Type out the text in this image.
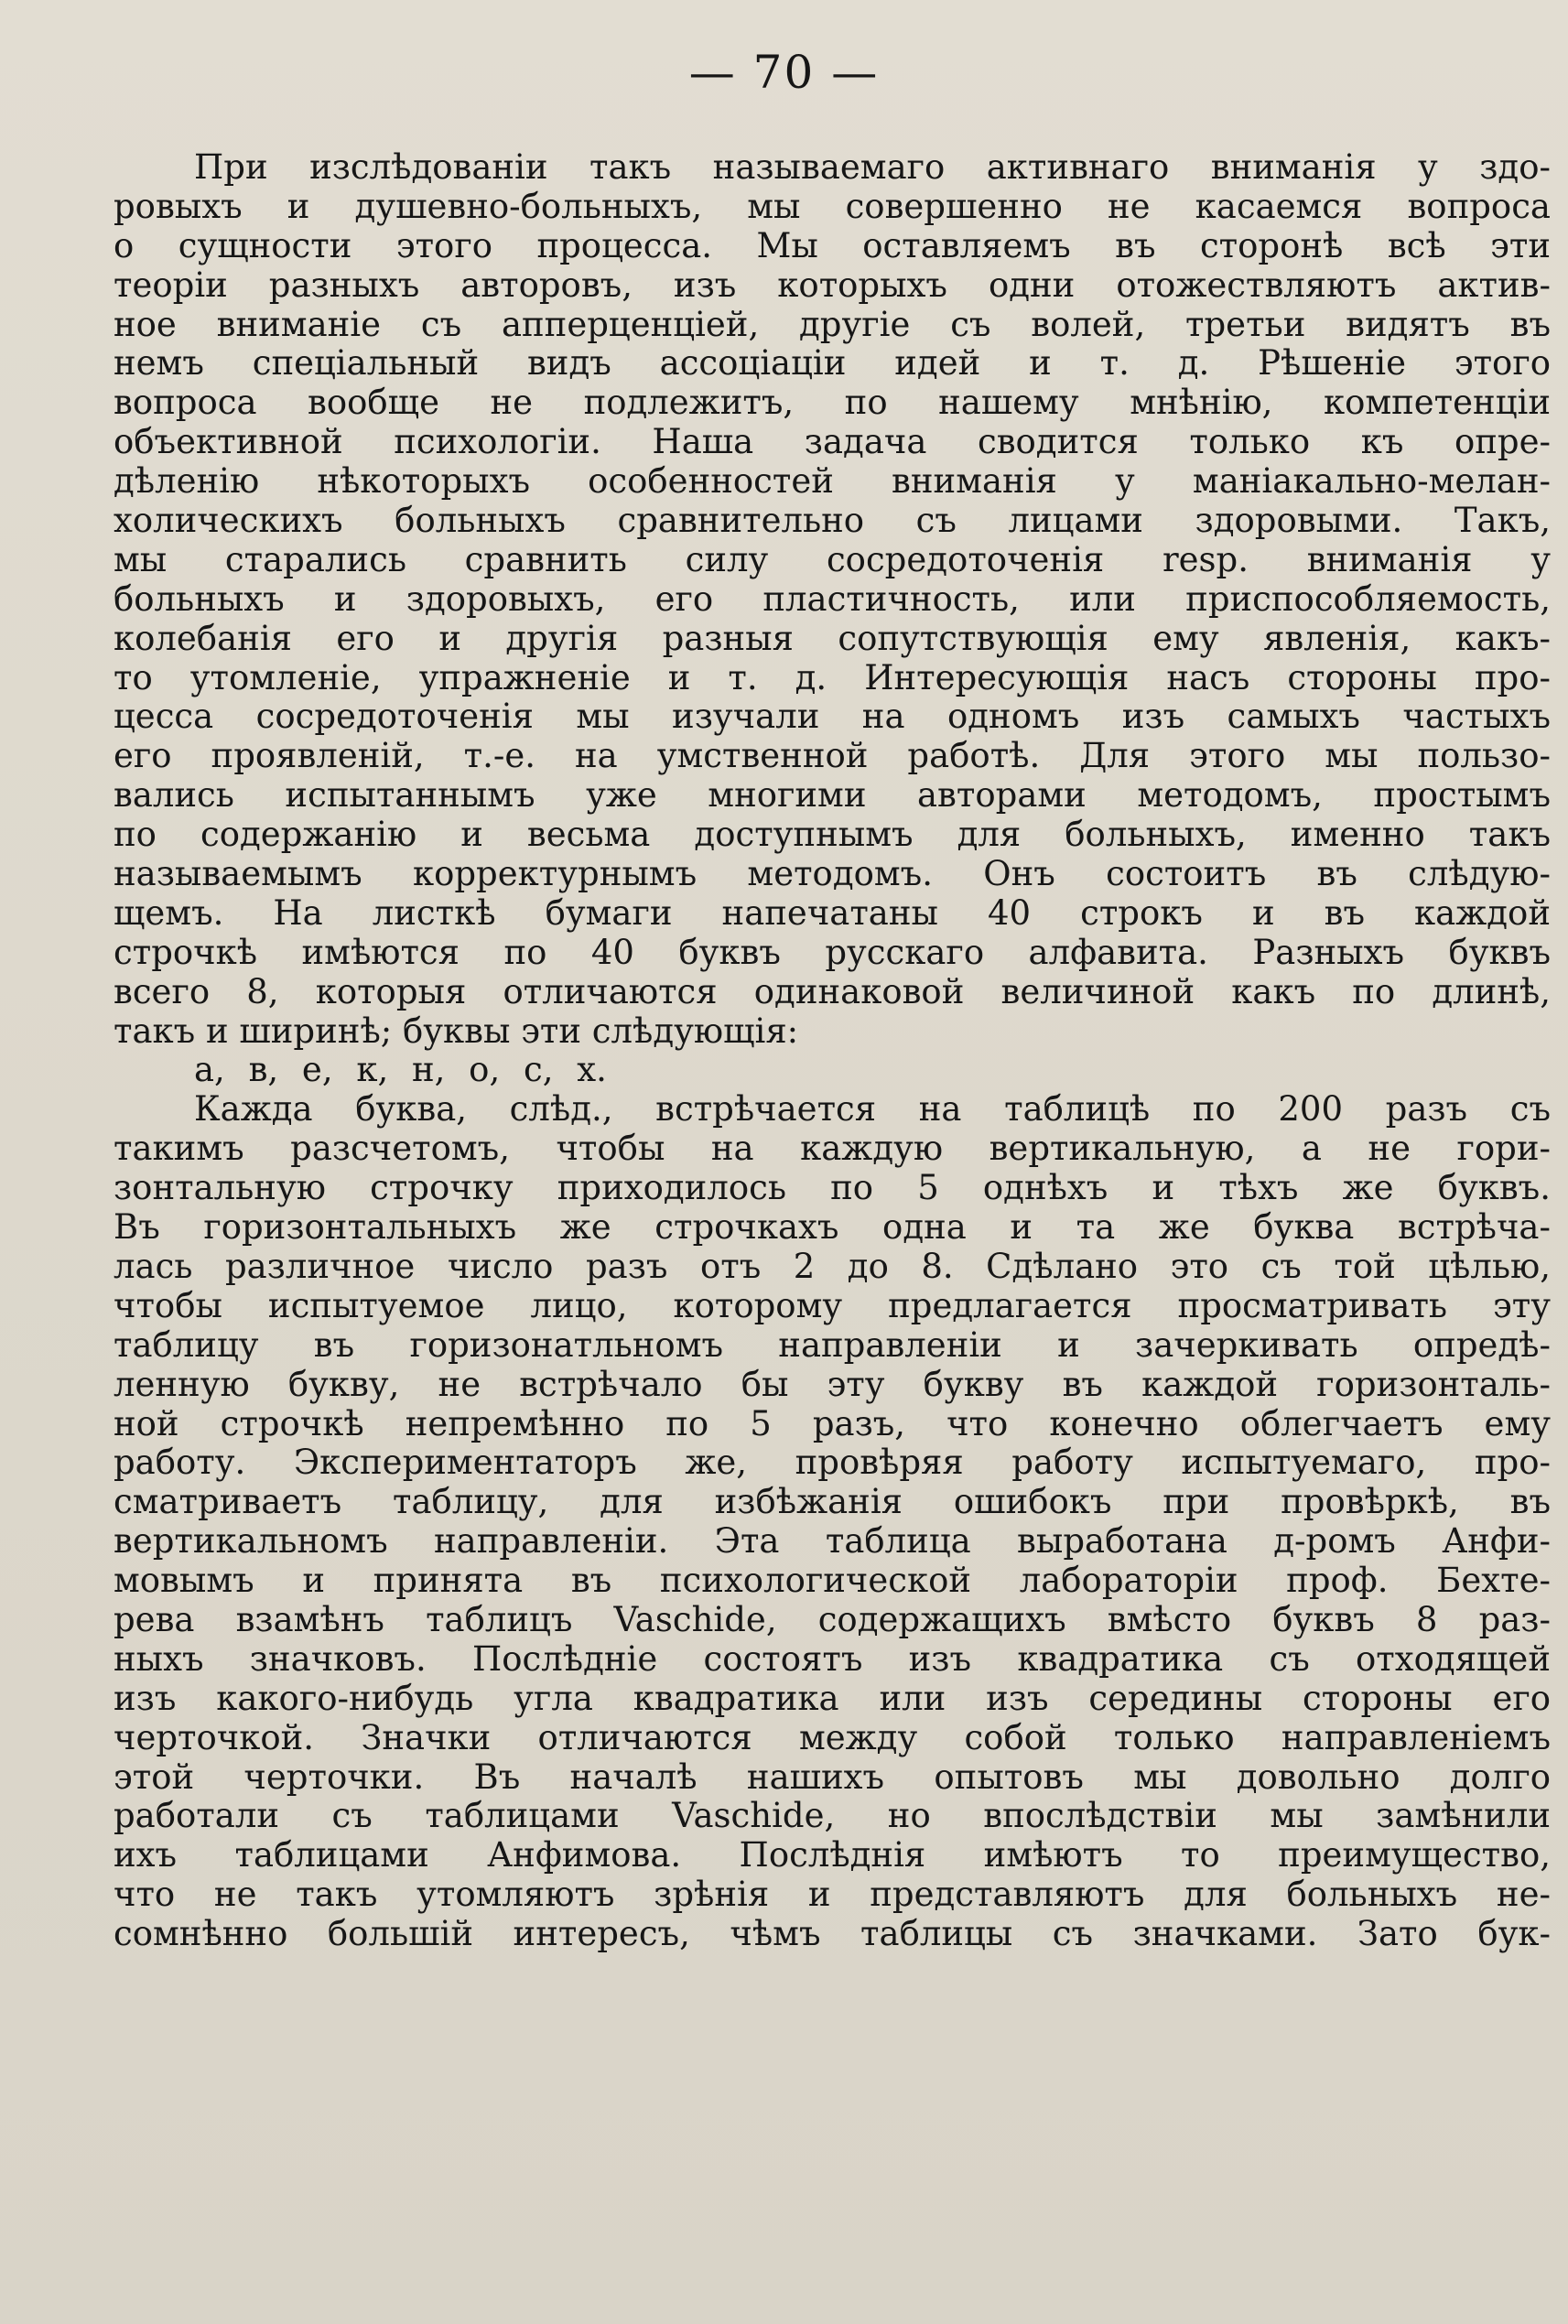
— 70 —
При изслѣдованiи такъ называемаго активнаго вниманiя у здо-
ровыхъ и душевно-больныхъ, мы совершенно не касаемся вопроса
о сущности этого процесса. Мы оставляемъ въ сторонѣ всѣ эти
теорiи разныхъ авторовъ, изъ которыхъ одни отожествляютъ актив-
ное вниманiе съ апперценцiей, другiе съ волей, третьи видятъ въ
немъ спецiальный видъ ассоцiацiи идей и т. д. Рѣшенiе этого
вопроса вообще не подлежитъ, по нашему мнѣнiю, компетенцiи
объективной психологiи. Наша задача сводится только къ опре-
дѣленiю нѣкоторыхъ особенностей вниманiя у манiакально-мелан-
холическихъ больныхъ сравнительно съ лицами здоровыми. Такъ,
мы старались сравнить силу сосредоточенiя resp. вниманiя у
больныхъ и здоровыхъ, его пластичность, или приспособляемость,
колебанiя его и другiя разныя сопутствующiя ему явленiя, какъ-
то утомленiе, упражненiе и т. д. Интересующiя насъ стороны про-
цесса сосредоточенiя мы изучали на одномъ изъ самыхъ частыхъ
его проявленiй, т.-е. на умственной работѣ. Для этого мы пользо-
вались испытаннымъ уже многими авторами методомъ, простымъ
по содержанiю и весьма доступнымъ для больныхъ, именно такъ
называемымъ корректурнымъ методомъ. Онъ состоитъ въ слѣдую-
щемъ. На листкѣ бумаги напечатаны 40 строкъ и въ каждой
строчкѣ имѣются по 40 буквъ русскаго алфавита. Разныхъ буквъ
всего 8, которыя отличаются одинаковой величиной какъ по длинѣ,
такъ и ширинѣ; буквы эти слѣдующiя:
а, в, е, к, н, о, с, х.
Кажда буква, слѣд., встрѣчается на таблицѣ по 200 разъ съ
такимъ разсчетомъ, чтобы на каждую вертикальную, а не гори-
зонтальную строчку приходилось по 5 однѣхъ и тѣхъ же буквъ.
Въ горизонтальныхъ же строчкахъ одна и та же буква встрѣча-
лась различное число разъ отъ 2 до 8. Сдѣлано это съ той цѣлью,
чтобы испытуемое лицо, которому предлагается просматривать эту
таблицу въ горизонатльномъ направленiи и зачеркивать опредѣ-
ленную букву, не встрѣчало бы эту букву въ каждой горизонталь-
ной строчкѣ непремѣнно по 5 разъ, что конечно облегчаетъ ему
работу. Экспериментаторъ же, провѣряя работу испытуемаго, про-
сматриваетъ таблицу, для избѣжанiя ошибокъ при провѣркѣ, въ
вертикальномъ направленiи. Эта таблица выработана д-ромъ Анфи-
мовымъ и принята въ психологической лабораторiи проф. Бехте-
рева взамѣнъ таблицъ Vaschide, содержащихъ вмѣсто буквъ 8 раз-
ныхъ значковъ. Послѣднiе состоятъ изъ квадратика съ отходящей
изъ какого-нибудь угла квадратика или изъ середины стороны его
черточкой. Значки отличаются между собой только направленiемъ
этой черточки. Въ началѣ нашихъ опытовъ мы довольно долго
работали съ таблицами Vaschide, но впослѣдствiи мы замѣнили
ихъ таблицами Анфимова. Послѣднiя имѣютъ то преимущество,
что не такъ утомляютъ зрѣнiя и представляютъ для больныхъ не-
сомнѣнно большiй интересъ, чѣмъ таблицы съ значками. Зато бук-
